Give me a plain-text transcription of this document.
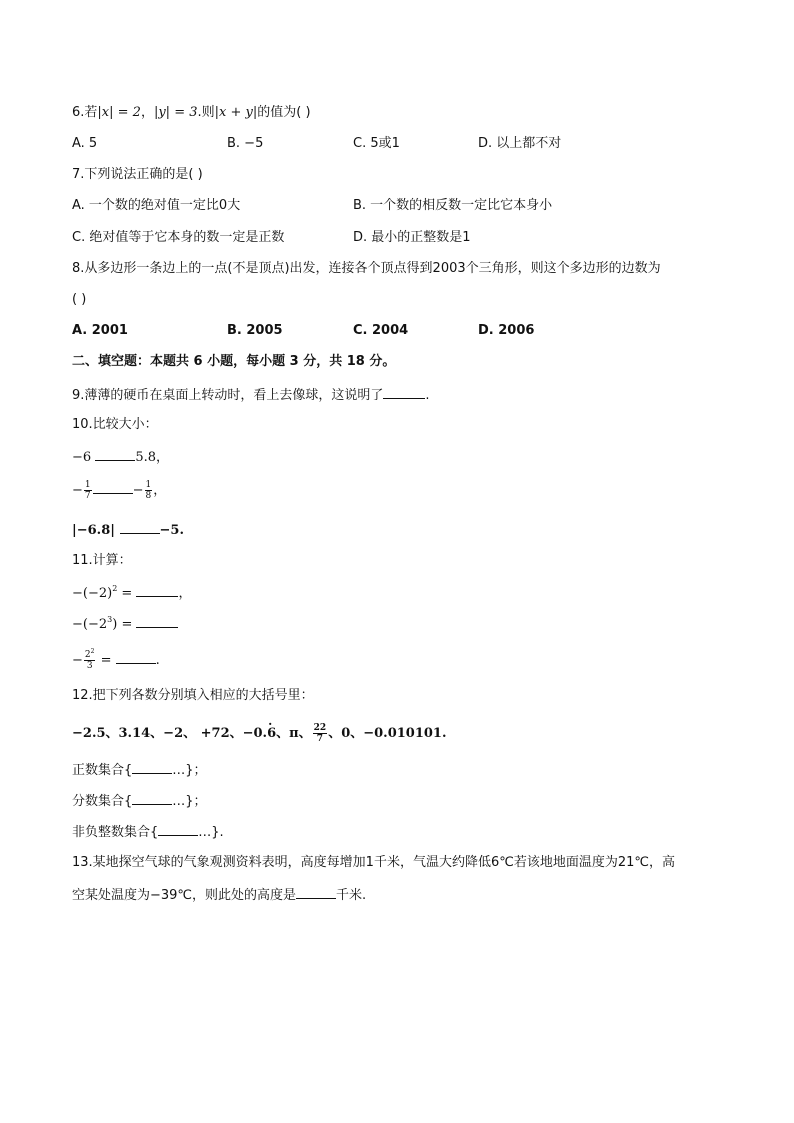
6.若|x| = 2，|y| = 3.则|x + y|的值为( )
A. 5	B. −5	C. 5或1	D. 以上都不对
7.下列说法正确的是( )
A. 一个数的绝对值一定比0大	B. 一个数的相反数一定比它本身小
C. 绝对值等于它本身的数一定是正数	D. 最小的正整数是1
8.从多边形一条边上的一点(不是顶点)出发，连接各个顶点得到2003个三角形，则这个多边形的边数为
( )
A. 2001	B. 2005	C. 2004	D. 2006
二、填空题：本题共 6 小题，每小题 3 分，共 18 分。
9.薄薄的硬币在桌面上转动时，看上去像球，这说明了	.
10.比较大小：
−6	5.8，
− $\frac{1}{7}$	− $\frac{1}{8}$ ，
|−6.8|	−5.
11.计算：
$-(-2)^2$ =	，
$-(-2^3)$ =
− $\frac{2^2}{3}$ =	.
12.把下列各数分别填入相应的大括号里：
−2.5、3.14、−2、 +72、−0.· 6、π、 $\frac{22}{7}$ 、0、−0.010101.
正数集合{	…}；
分数集合{	…}；
非负整数集合{	…}.
13.某地探空气球的气象观测资料表明，高度每增加1千米，气温大约降低6℃若该地地面温度为21℃，高
空某处温度为−39℃，则此处的高度是	千米.
